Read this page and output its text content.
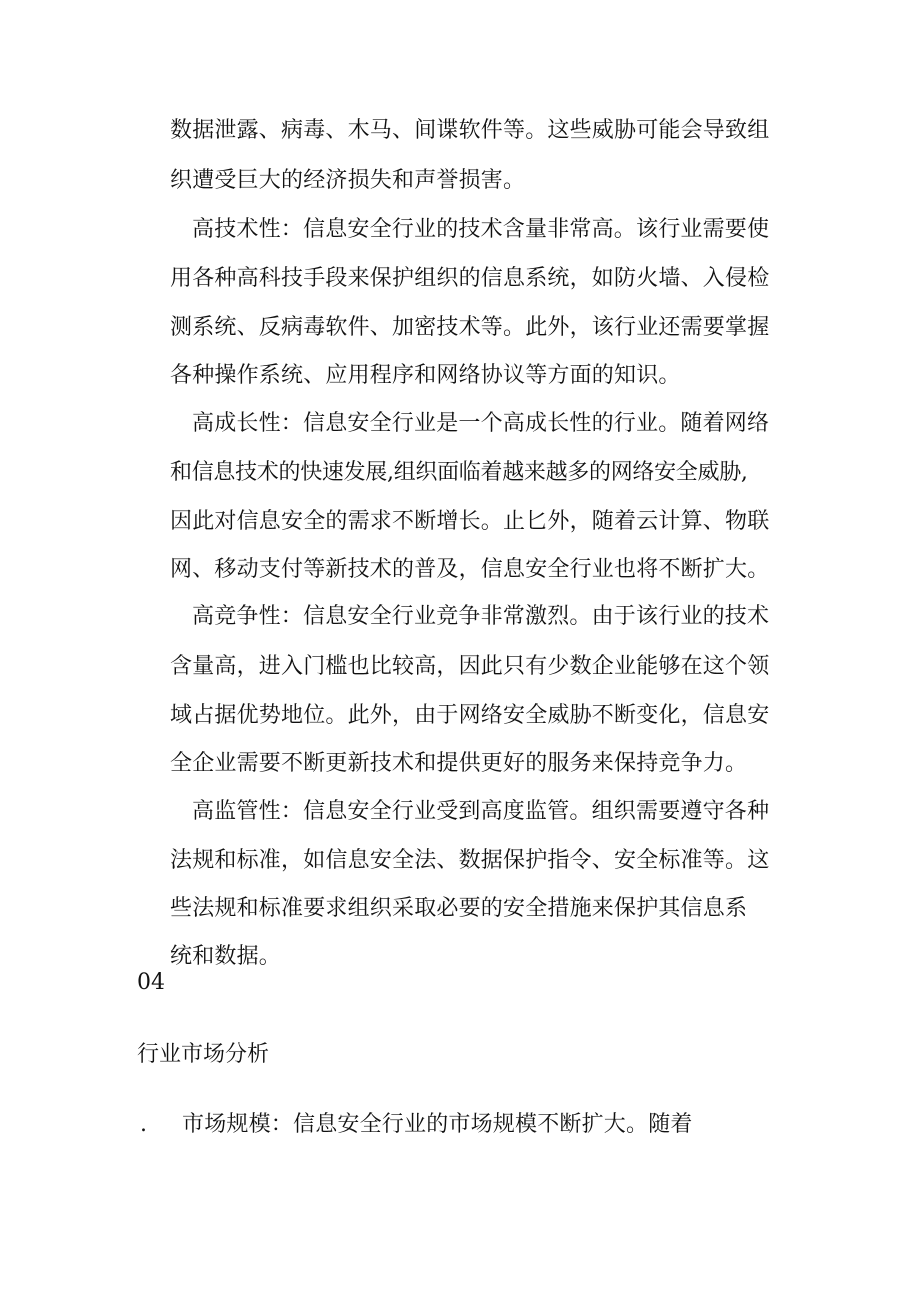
数据泄露、病毒、木马、间谍软件等。这些威胁可能会导致组
织遭受巨大的经济损失和声誉损害。
高技术性：信息安全行业的技术含量非常高。该行业需要使
用各种高科技手段来保护组织的信息系统，如防火墙、入侵检
测系统、反病毒软件、加密技术等。此外，该行业还需要掌握
各种操作系统、应用程序和网络协议等方面的知识。
高成长性：信息安全行业是一个高成长性的行业。随着网络
和信息技术的快速发展,组织面临着越来越多的网络安全威胁,
因此对信息安全的需求不断增长。止匕外，随着云计算、物联
网、移动支付等新技术的普及，信息安全行业也将不断扩大。
高竞争性：信息安全行业竞争非常激烈。由于该行业的技术
含量高，进入门槛也比较高，因此只有少数企业能够在这个领
域占据优势地位。此外，由于网络安全威胁不断变化，信息安
全企业需要不断更新技术和提供更好的服务来保持竞争力。
高监管性：信息安全行业受到高度监管。组织需要遵守各种
法规和标准，如信息安全法、数据保护指令、安全标准等。这
些法规和标准要求组织采取必要的安全措施来保护其信息系
统和数据。
04
行业市场分析
. 市场规模：信息安全行业的市场规模不断扩大。随着
